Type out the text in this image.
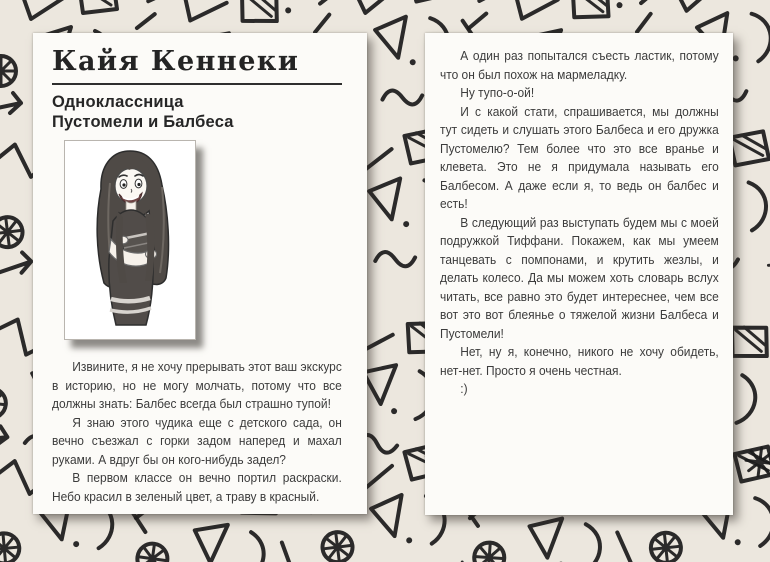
Кайя Кеннеки
Одноклассница
Пустомели и Балбеса

Извините, я не хочу прерывать этот ваш экскурс в историю, но не могу молчать, потому что все должны знать: Балбес всегда был страшно тупой!

Я знаю этого чудика еще с детского сада, он вечно съезжал с горки задом наперед и махал руками. А вдруг бы он кого-нибудь задел?

В первом классе он вечно портил раскраски. Небо красил в зеленый цвет, а траву в красный.

А один раз попытался съесть ластик, потому что он был похож на мармеладку.

Ну тупо-о-ой!

И с какой стати, спрашивается, мы должны тут сидеть и слушать этого Балбеса и его дружка Пустомелю? Тем более что это все вранье и клевета. Это не я придумала называть его Балбесом. А даже если я, то ведь он балбес и есть!

В следующий раз выступать будем мы с моей подружкой Тиффани. Покажем, как мы умеем танцевать с помпонами, и крутить жезлы, и делать колесо. Да мы можем хоть словарь вслух читать, все равно это будет интереснее, чем все вот это вот блеянье о тяжелой жизни Балбеса и Пустомели!

Нет, ну я, конечно, никого не хочу обидеть, нет-нет. Просто я очень честная.

:)
